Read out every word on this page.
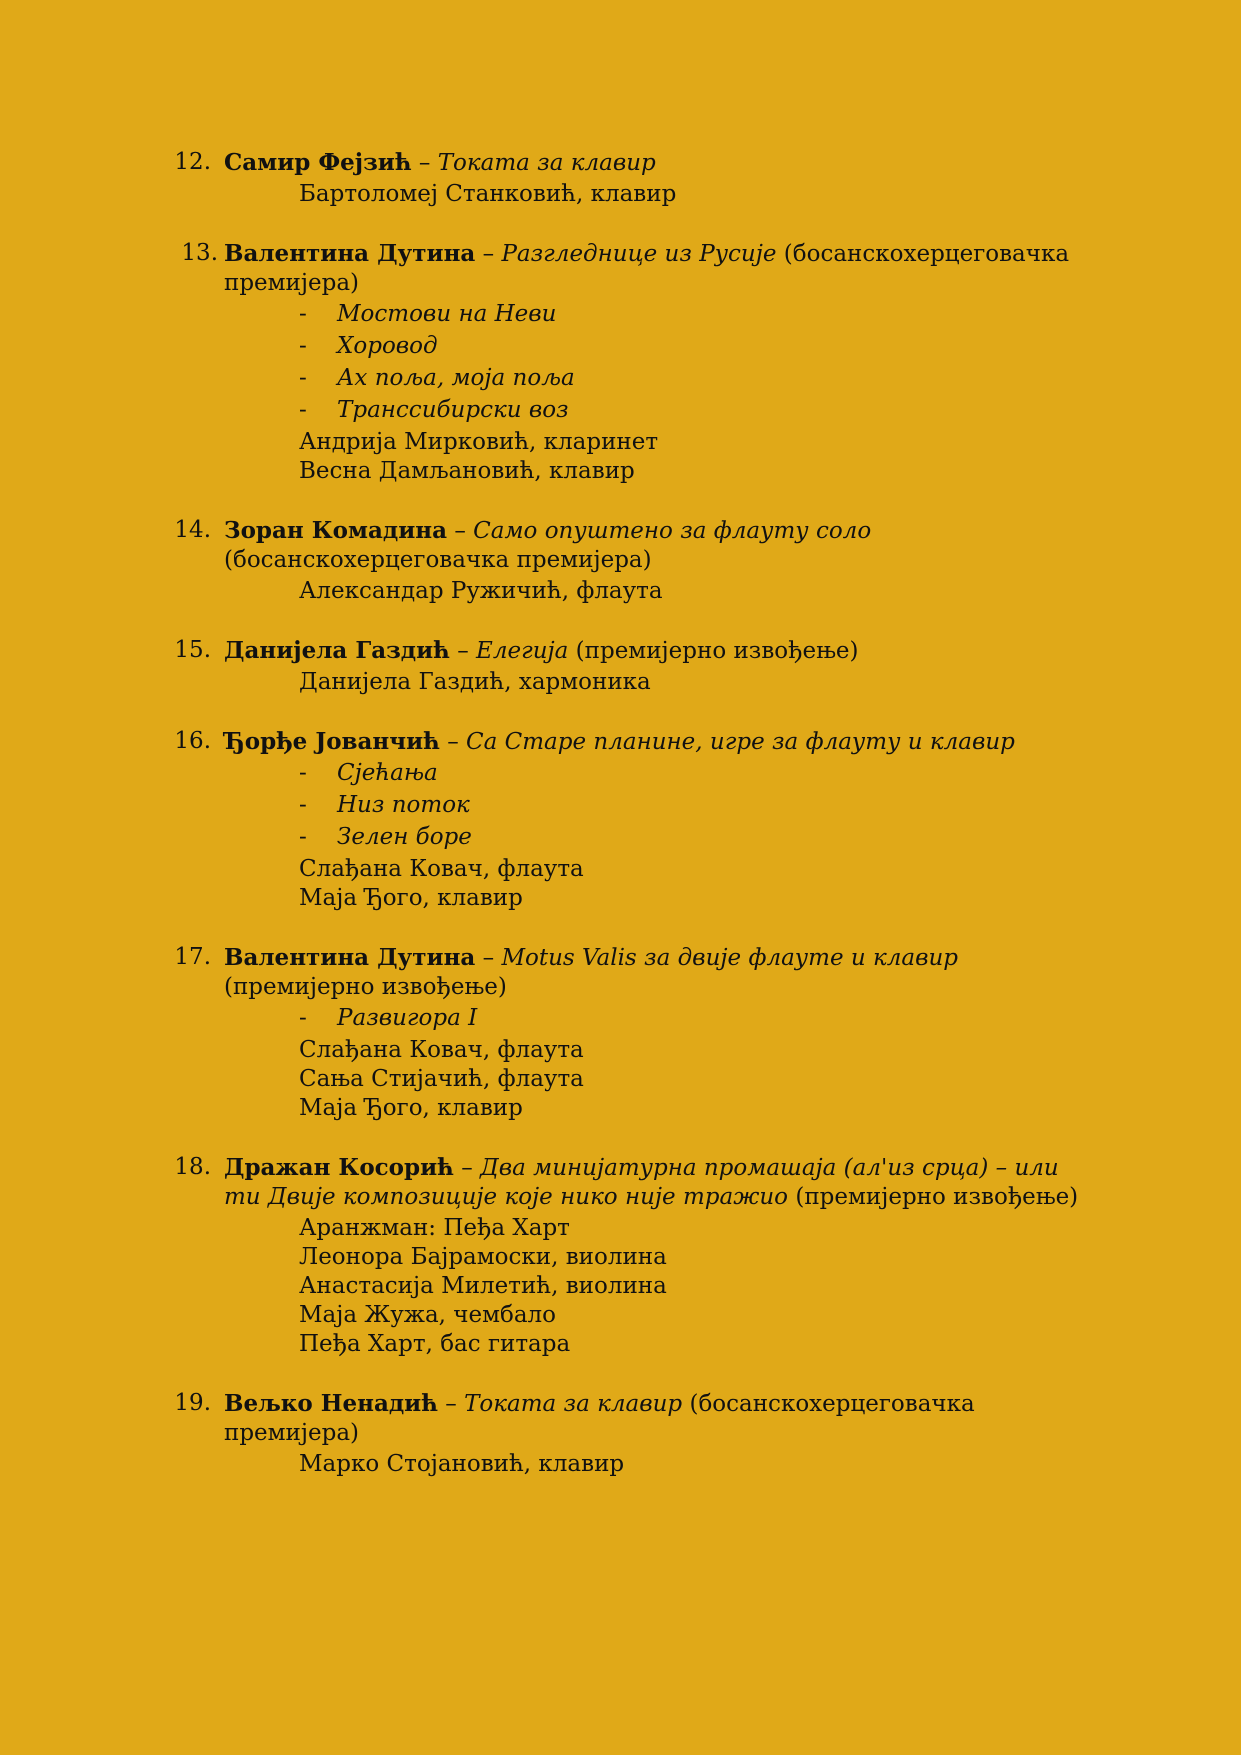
12. Самир Фејзић – Токата за клавир
Бартоломеј Станковић, клавир
13. Валентина Дутина – Разгледнице из Русије (босанскохерцеговачка премијера)
- Мостови на Неви
- Хоровод
- Ах поља, моја поља
- Транссибирски воз
Андрија Мирковић, кларинет
Весна Дамљановић, клавир
14. Зоран Комадина – Само опуштено за флауту соло (босанскохерцеговачка премијера)
Александар Ружичић, флаута
15. Данијела Газдић – Елегија (премијерно извођење)
Данијела Газдић, хармоника
16. Ђорђе Јованчић – Са Старе планине, игре за флауту и клавир
- Сјећања
- Низ поток
- Зелен боре
Слађана Ковач, флаута
Маја Ђого, клавир
17. Валентина Дутина – Motus Valis за двије флауте и клавир (премијерно извођење)
- Развигора I
Слађана Ковач, флаута
Сања Стијачић, флаута
Маја Ђого, клавир
18. Дражан Косорић – Два минијатурна промашаја (ал'из срца) – или ти Двије композиције које нико није тражио (премијерно извођење)
Аранжман: Пеђа Харт
Леонора Бајрамоски, виолина
Анастасија Милетић, виолина
Маја Жужа, чембало
Пеђа Харт, бас гитара
19. Вељко Ненадић – Токата за клавир (босанскохерцеговачка премијера)
Марко Стојановић, клавир
